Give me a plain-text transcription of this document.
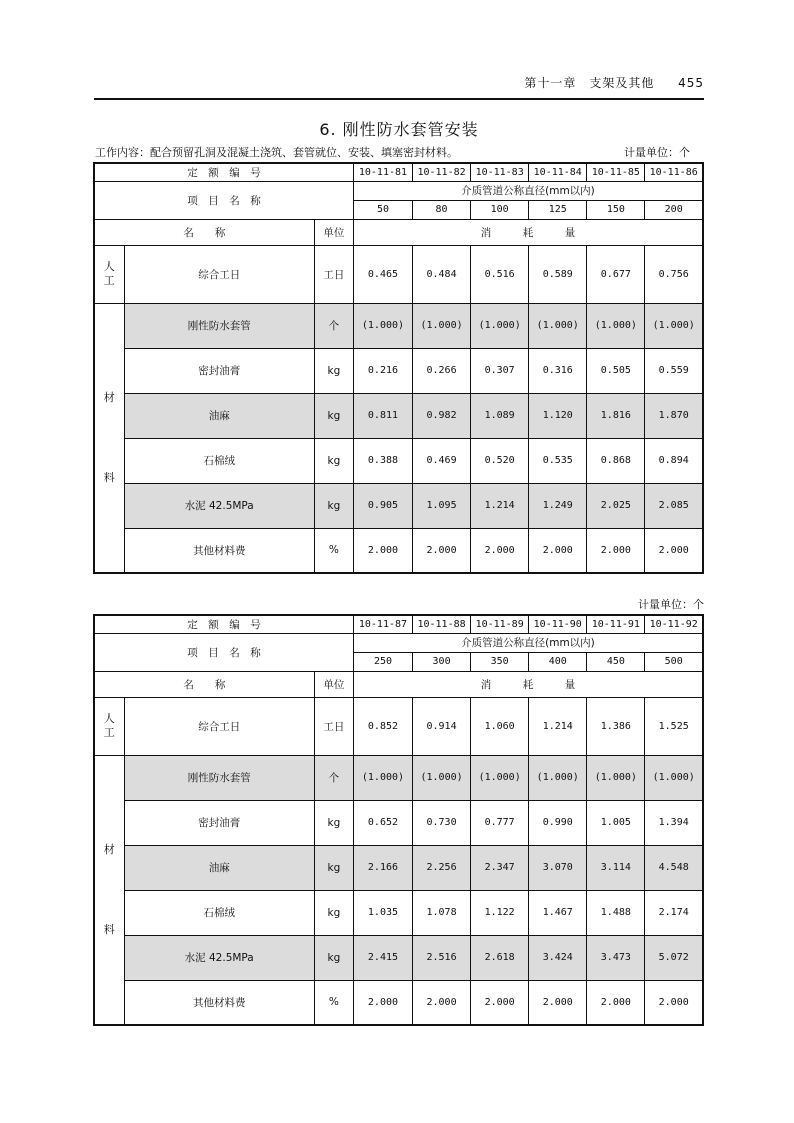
第十一章　支架及其他 455
6. 刚性防水套管安装
工作内容：配合预留孔洞及混凝土浇筑、套管就位、安装、填塞密封材料。	计量单位：个
计量单位：个
定　额　编　号			10-11-81	10-11-82	10-11-83	10-11-84	10-11-85	10-11-86
项　目　名　称			介质管道公称直径(mm以内)					
			50	80	100	125	150	200
名　　称		单位	消　　　耗　　　量					

人
工	综合工日	工日	0.465	0.484	0.516	0.589	0.677	0.756

材
料	刚性防水套管	个	(1.000)	(1.000)	(1.000)	(1.000)	(1.000)	(1.000)
	密封油膏	kg	0.216	0.266	0.307	0.316	0.505	0.559
	油麻	kg	0.811	0.982	1.089	1.120	1.816	1.870
	石棉绒	kg	0.388	0.469	0.520	0.535	0.868	0.894
	水泥 42.5MPa	kg	0.905	1.095	1.214	1.249	2.025	2.085
	其他材料费	%	2.000	2.000	2.000	2.000	2.000	2.000
定　额　编　号			10-11-87	10-11-88	10-11-89	10-11-90	10-11-91	10-11-92
项　目　名　称			介质管道公称直径(mm以内)					
			250	300	350	400	450	500
名　　称		单位	消　　　耗　　　量					

人
工	综合工日	工日	0.852	0.914	1.060	1.214	1.386	1.525

材
料	刚性防水套管	个	(1.000)	(1.000)	(1.000)	(1.000)	(1.000)	(1.000)
	密封油膏	kg	0.652	0.730	0.777	0.990	1.005	1.394
	油麻	kg	2.166	2.256	2.347	3.070	3.114	4.548
	石棉绒	kg	1.035	1.078	1.122	1.467	1.488	2.174
	水泥 42.5MPa	kg	2.415	2.516	2.618	3.424	3.473	5.072
	其他材料费	%	2.000	2.000	2.000	2.000	2.000	2.000
